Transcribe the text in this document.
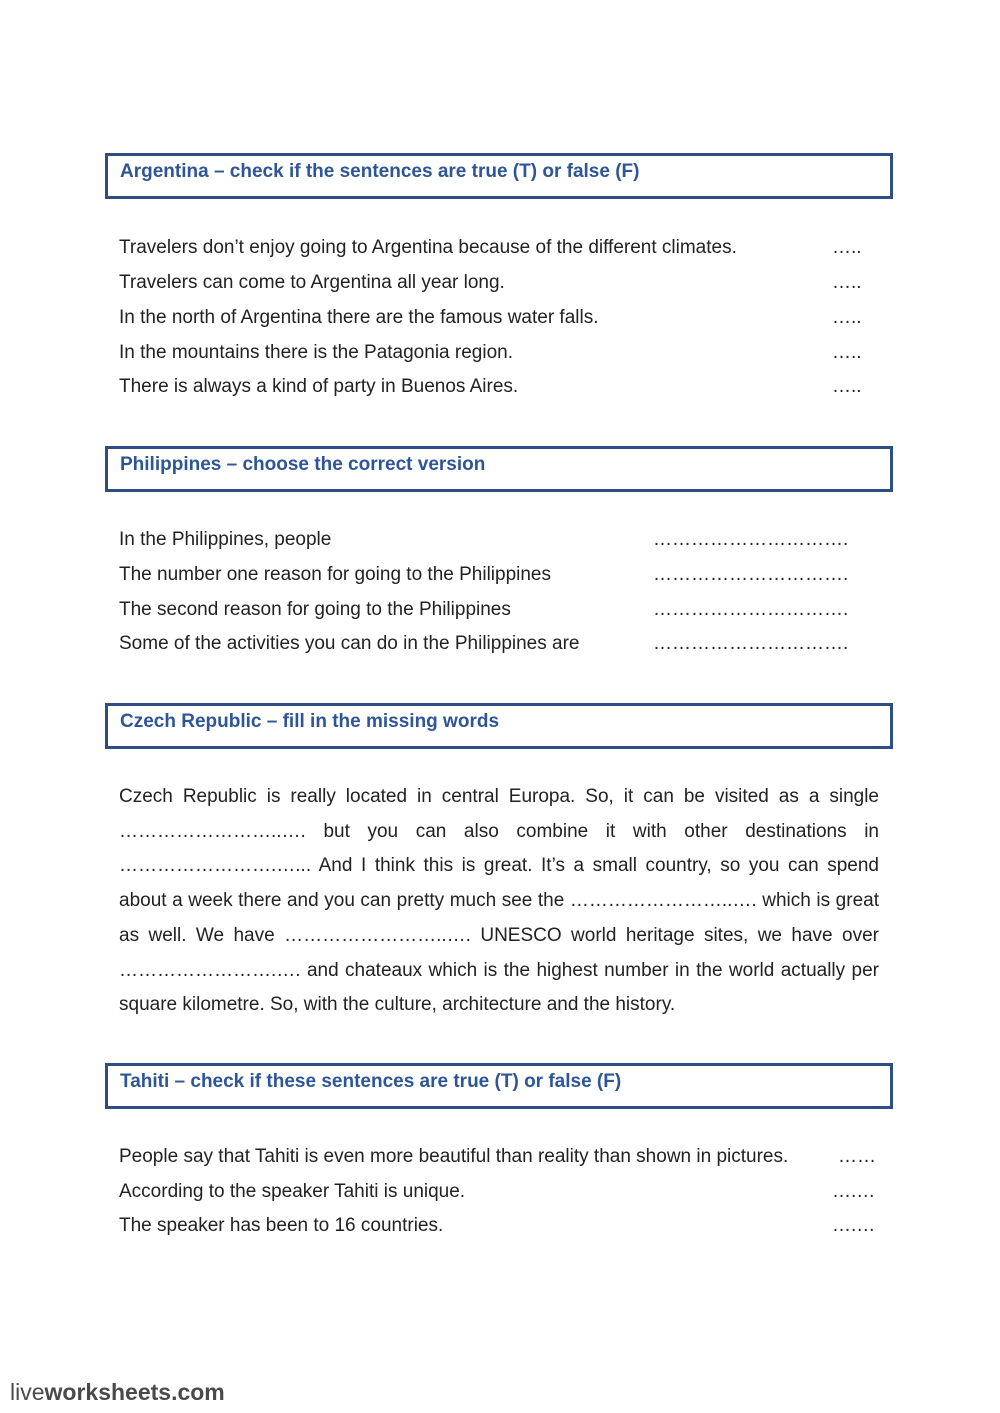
Argentina – check if the sentences are true (T) or false (F)
Travelers don’t enjoy going to Argentina because of the different climates.	…..
Travelers can come to Argentina all year long.	…..
In the north of Argentina there are the famous water falls.	…..
In the mountains there is the Patagonia region.	…..
There is always a kind of party in Buenos Aires.	…..
Philippines – choose the correct version
In the Philippines, people	………………………….
The number one reason for going to the Philippines	………………………….
The second reason for going to the Philippines	………………………….
Some of the activities you can do in the Philippines are	………………………….
Czech Republic – fill in the missing words
Czech Republic is really located in central Europa. So, it can be visited as a single ……………………..…. but you can also combine it with other destinations in …………………….…... And I think this is great. It’s a small country, so you can spend about a week there and you can pretty much see the ……………………..…. which is great as well. We have ……………………..…. UNESCO world heritage sites, we have over …………………….…. and chateaux which is the highest number in the world actually per square kilometre. So, with the culture, architecture and the history.
Tahiti – check if these sentences are true (T) or false (F)
People say that Tahiti is even more beautiful than reality than shown in pictures.	……
According to the speaker Tahiti is unique.	….…
The speaker has been to 16 countries.	….…
liveworksheets.com
